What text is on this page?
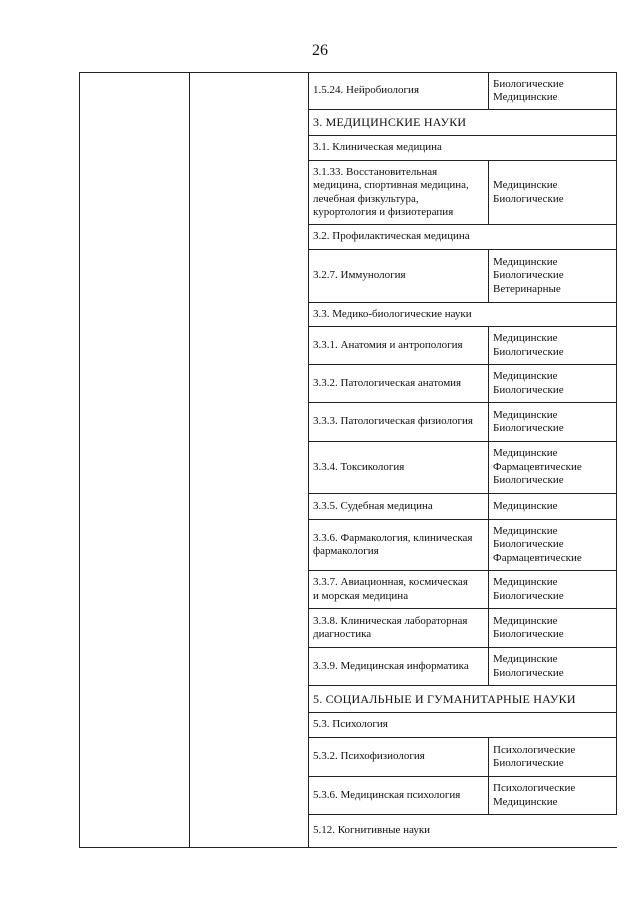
26
		1.5.24. Нейробиология	Биологические
Медицинские

		3. МЕДИЦИНСКИЕ НАУКИ	
		3.1. Клиническая медицина	

		3.1.33. Восстановительная
медицина, спортивная медицина,
лечебная физкультура,
курортология и физиотерапия	Медицинские
Биологические

		3.2. Профилактическая медицина	
		3.2.7. Иммунология	Медицинские
Биологические
Ветеринарные

		3.3. Медико-биологические науки	
		3.3.1. Анатомия и антропология	Медицинские
Биологические

		3.3.2. Патологическая анатомия	Медицинские
Биологические

		3.3.3. Патологическая физиология	Медицинские
Биологические

		3.3.4. Токсикология	Медицинские
Фармацевтические
Биологические

		3.3.5. Судебная медицина	Медицинские

		3.3.6. Фармакология, клиническая
фармакология	Медицинские
Биологические
Фармацевтические

		3.3.7. Авиационная, космическая
и морская медицина	Медицинские
Биологические

		3.3.8. Клиническая лабораторная
диагностика	Медицинские
Биологические

		3.3.9. Медицинская информатика	Медицинские
Биологические

		5. СОЦИАЛЬНЫЕ И ГУМАНИТАРНЫЕ НАУКИ	
		5.3. Психология	
		5.3.2. Психофизиология	Психологические
Биологические

		5.3.6. Медицинская психология	Психологические
Медицинские

		5.12. Когнитивные науки	
